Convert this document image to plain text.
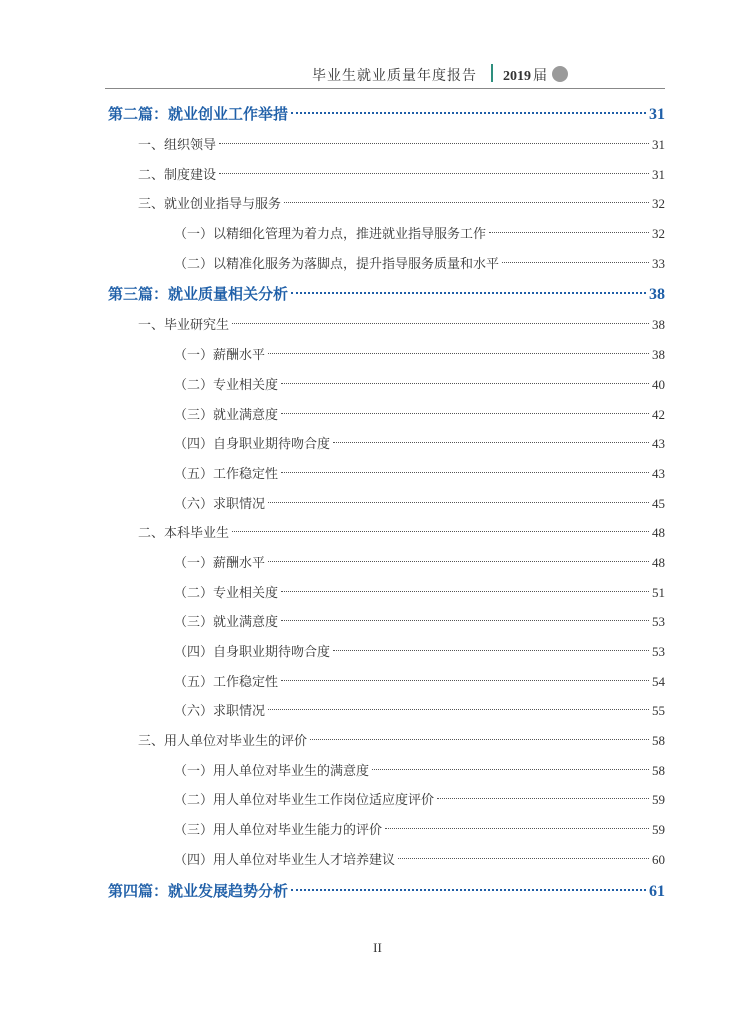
毕业生就业质量年度报告 2019 届
第二篇：就业创业工作举措	31
一、组织领导	31
二、制度建设	31
三、就业创业指导与服务	32
（一）以精细化管理为着力点，推进就业指导服务工作	32
（二）以精准化服务为落脚点，提升指导服务质量和水平	33
第三篇：就业质量相关分析	38
一、毕业研究生	38
（一）薪酬水平	38
（二）专业相关度	40
（三）就业满意度	42
（四）自身职业期待吻合度	43
（五）工作稳定性	43
（六）求职情况	45
二、本科毕业生	48
（一）薪酬水平	48
（二）专业相关度	51
（三）就业满意度	53
（四）自身职业期待吻合度	53
（五）工作稳定性	54
（六）求职情况	55
三、用人单位对毕业生的评价	58
（一）用人单位对毕业生的满意度	58
（二）用人单位对毕业生工作岗位适应度评价	59
（三）用人单位对毕业生能力的评价	59
（四）用人单位对毕业生人才培养建议	60
第四篇：就业发展趋势分析	61
II
